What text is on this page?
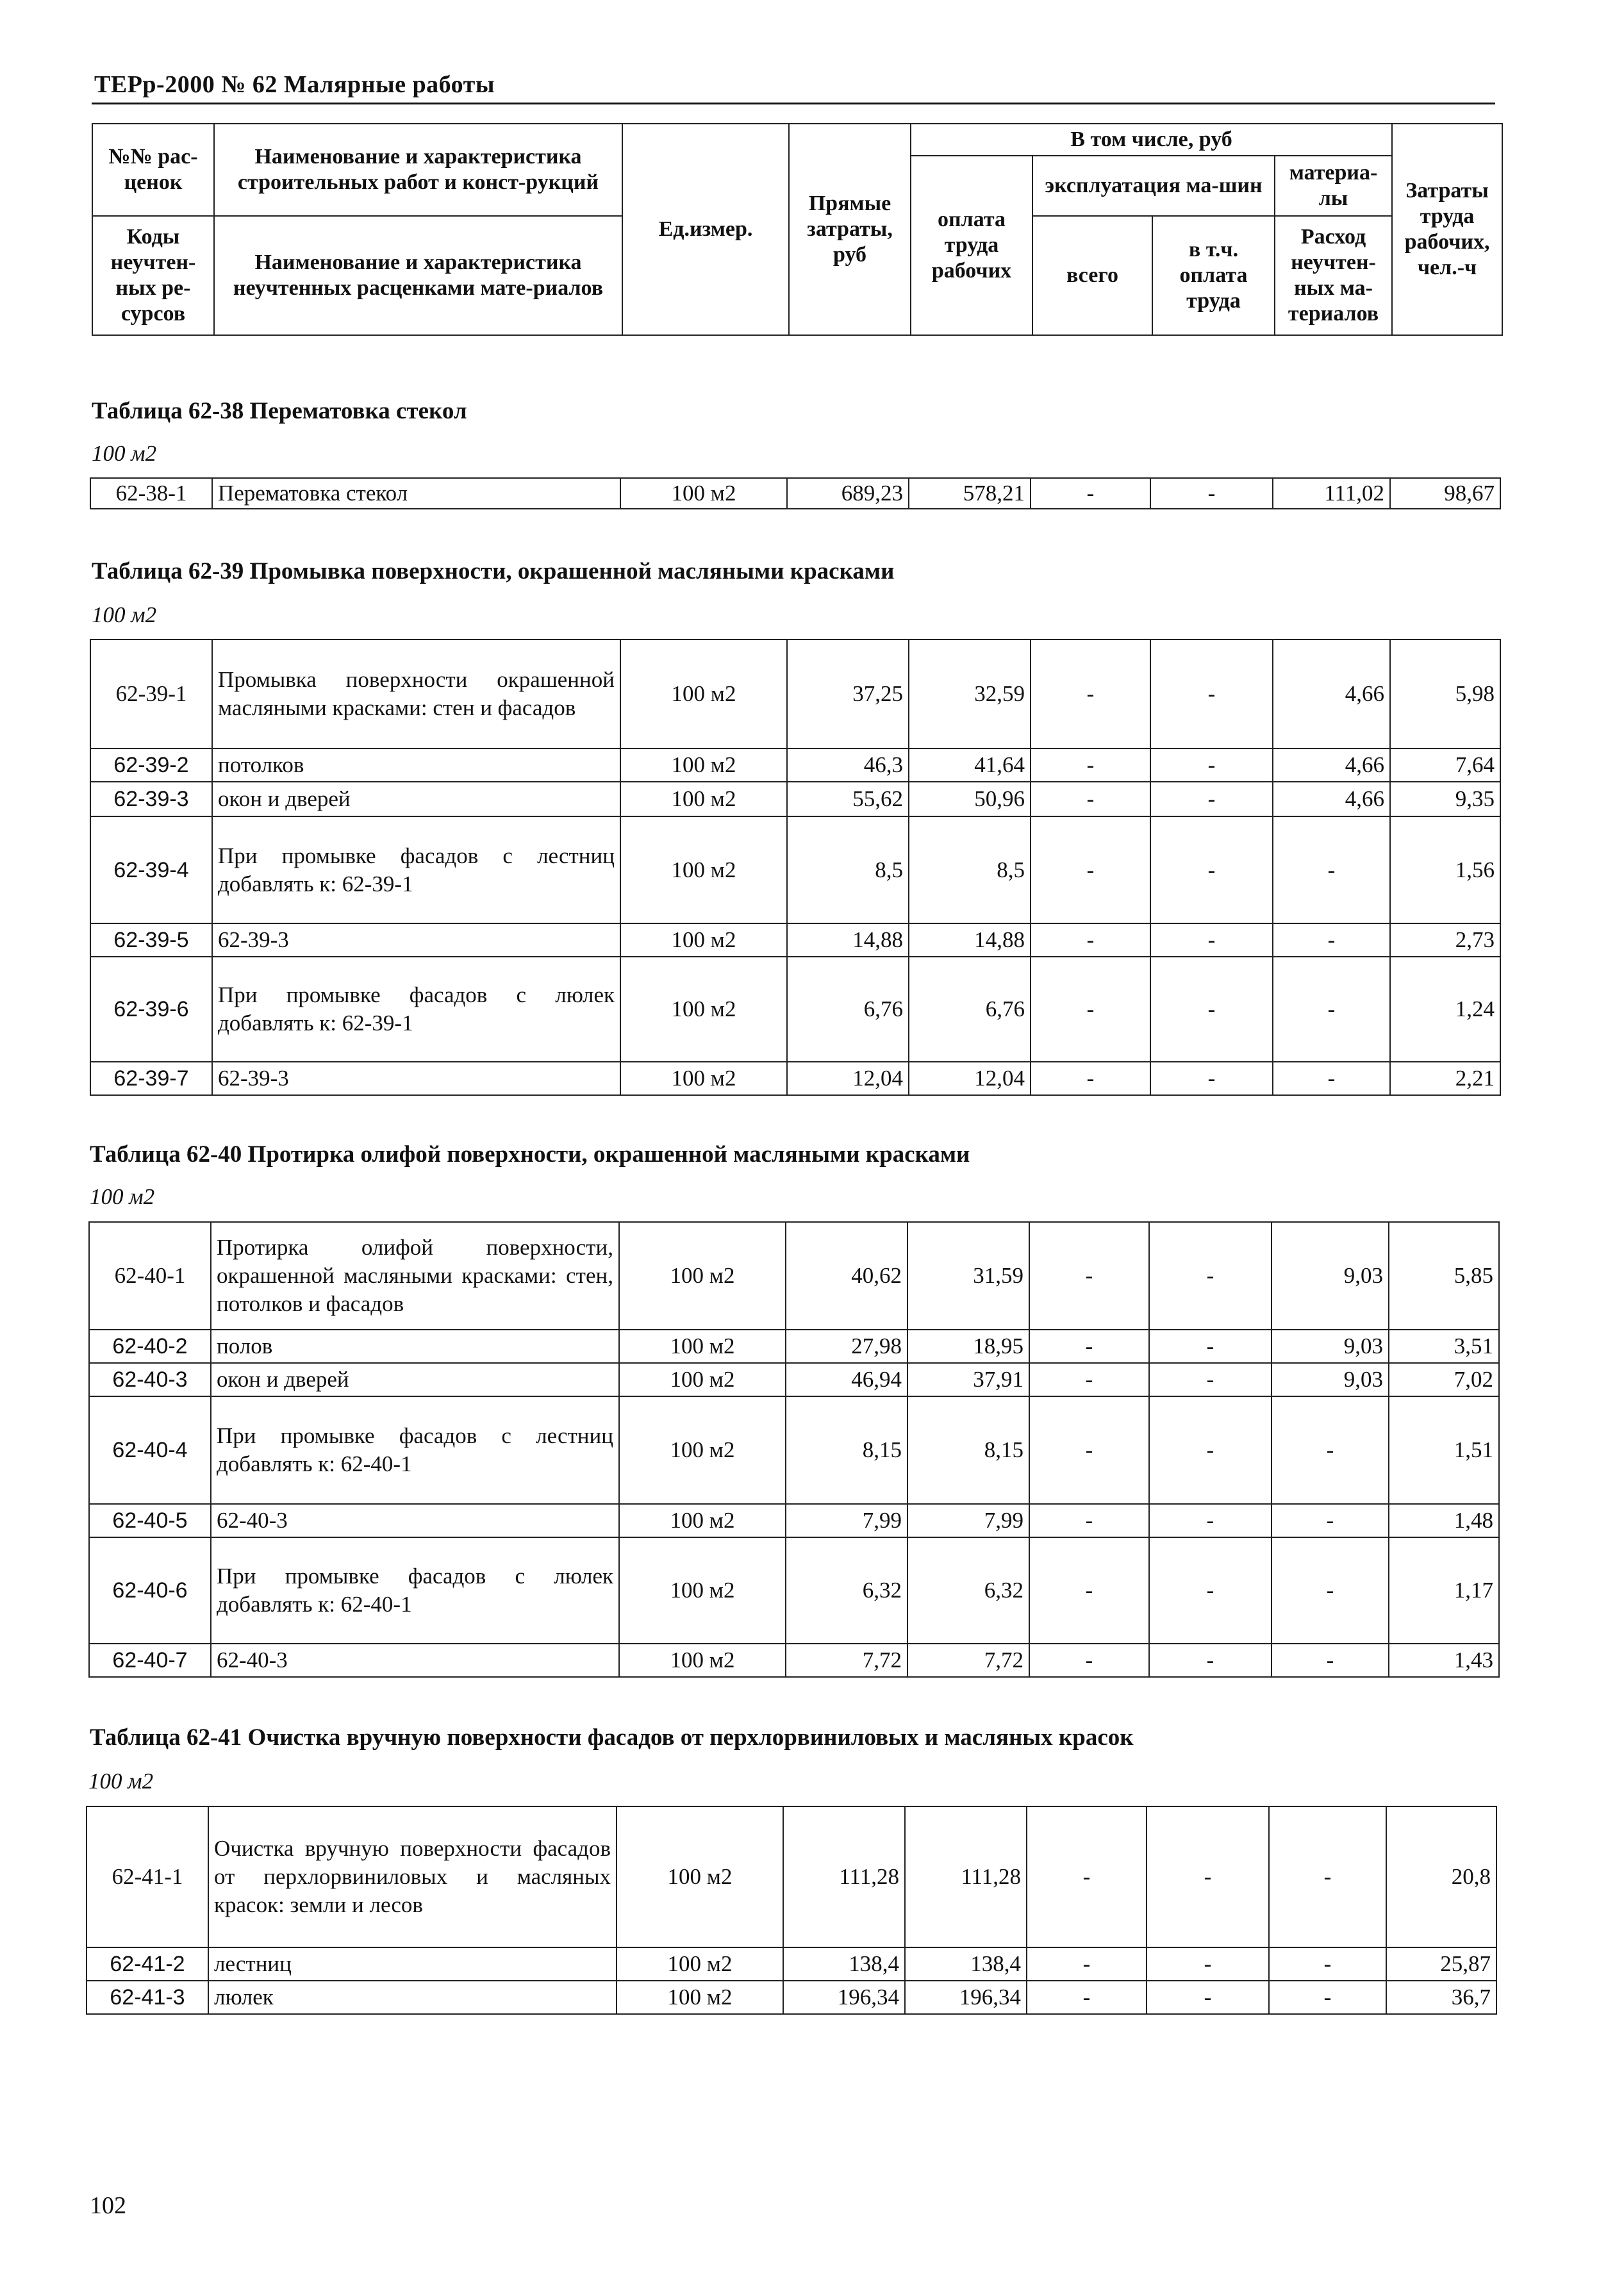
ТЕРр-2000 № 62 Малярные работы
№№ рас-ценок	Наименование и характеристика строительных работ и конст-рукций	Ед.измер.	Прямые затраты, руб	В том числе, руб				Затраты труда рабочих, чел.-ч
				оплата труда рабочих	эксплуатация ма-шин		материа-лы	

Коды неучтен-ных ре-сурсов	Наименование и характеристика неучтенных расценками мате-риалов				всего	в т.ч. оплата труда	Расход неучтен-ных ма-териалов	

Таблица 62-38 Перематовка стекол
100 м2
62-38-1	Перематовка стекол	100 м2	689,23	578,21	-	-	111,02	98,67
Таблица 62-39 Промывка поверхности, окрашенной масляными красками
100 м2
62-39-1	Промывка поверхности окрашенной масляными красками: стен и фасадов	100 м2	37,25	32,59	-	-	4,66	5,98
62-39-2	потолков	100 м2	46,3	41,64	-	-	4,66	7,64
62-39-3	окон и дверей	100 м2	55,62	50,96	-	-	4,66	9,35
62-39-4	При промывке фасадов с лестниц добавлять к: 62-39-1	100 м2	8,5	8,5	-	-	-	1,56
62-39-5	62-39-3	100 м2	14,88	14,88	-	-	-	2,73
62-39-6	При промывке фасадов с люлек добавлять к: 62-39-1	100 м2	6,76	6,76	-	-	-	1,24
62-39-7	62-39-3	100 м2	12,04	12,04	-	-	-	2,21
Таблица 62-40 Протирка олифой поверхности, окрашенной масляными красками
100 м2
62-40-1	Протирка олифой поверхности, окрашенной масляными красками: стен, потолков и фасадов	100 м2	40,62	31,59	-	-	9,03	5,85
62-40-2	полов	100 м2	27,98	18,95	-	-	9,03	3,51
62-40-3	окон и дверей	100 м2	46,94	37,91	-	-	9,03	7,02
62-40-4	При промывке фасадов с лестниц добавлять к: 62-40-1	100 м2	8,15	8,15	-	-	-	1,51
62-40-5	62-40-3	100 м2	7,99	7,99	-	-	-	1,48
62-40-6	При промывке фасадов с люлек добавлять к: 62-40-1	100 м2	6,32	6,32	-	-	-	1,17
62-40-7	62-40-3	100 м2	7,72	7,72	-	-	-	1,43
Таблица 62-41 Очистка вручную поверхности фасадов от перхлорвиниловых и масляных красок
100 м2
62-41-1	Очистка вручную поверхности фасадов от перхлорвиниловых и масляных красок: земли и лесов	100 м2	111,28	111,28	-	-	-	20,8
62-41-2	лестниц	100 м2	138,4	138,4	-	-	-	25,87
62-41-3	люлек	100 м2	196,34	196,34	-	-	-	36,7
102
